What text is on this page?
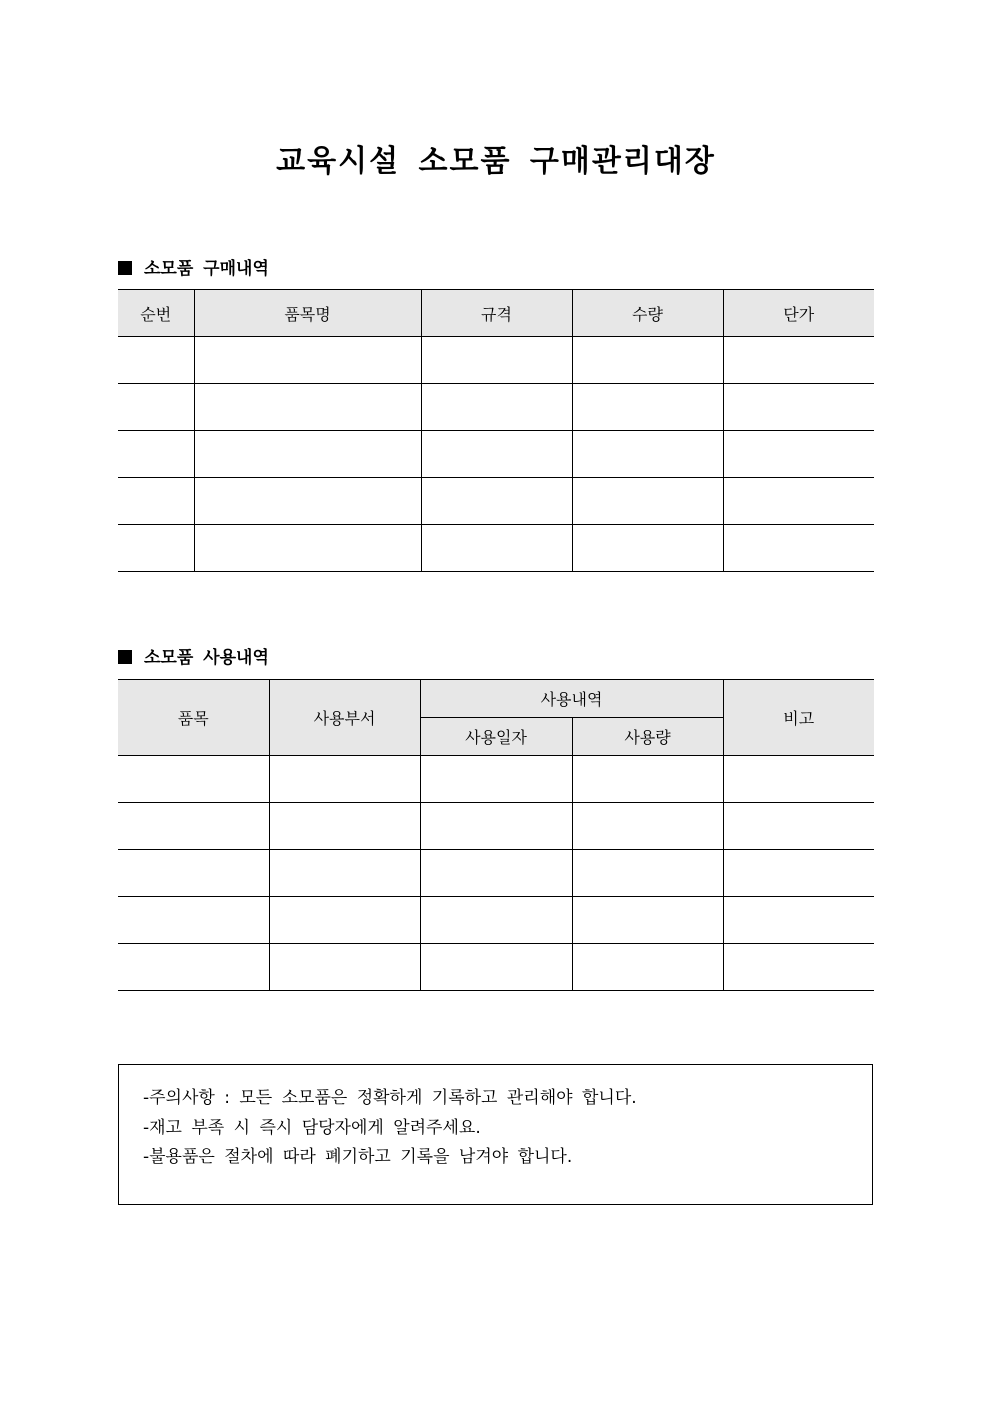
교육시설 소모품 구매관리대장
소모품 구매내역
순번	품목명	규격	수량	단가

소모품 사용내역
품목	사용부서	사용내역		비고
		사용일자	사용량	

-주의사항 : 모든 소모품은 정확하게 기록하고 관리해야 합니다.
-재고 부족 시 즉시 담당자에게 알려주세요.
-불용품은 절차에 따라 폐기하고 기록을 남겨야 합니다.
